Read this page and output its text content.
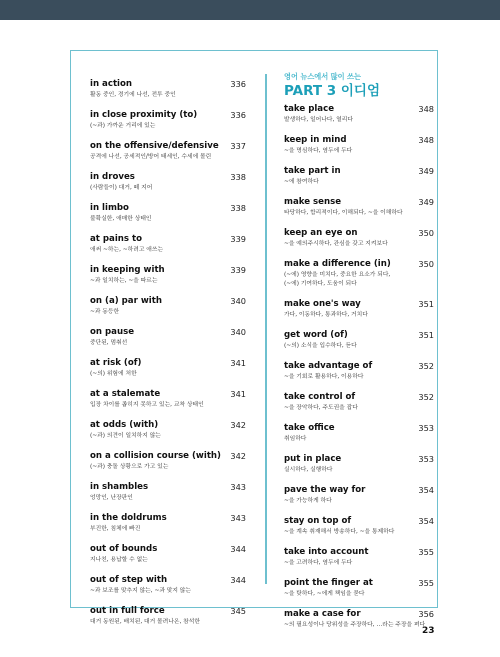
in action	336
활동 중인, 경기에 나선, 전투 중인
in close proximity (to)	336
(~과) 가까운 거리에 있는
on the offensive/defensive	337
공격에 나선, 공세적인/방어 태세인, 수세에 몰린
in droves	338
(사람들이) 대거, 떼 지어
in limbo	338
불확실한, 애매한 상태인
at pains to	339
애써 ~하는, ~하려고 애쓰는
in keeping with	339
~과 일치하는, ~을 따르는
on (a) par with	340
~과 동등한
on pause	340
중단된, 멈춰선
at risk (of)	341
(~의) 위험에 처한
at a stalemate	341
입장 차이를 좁히지 못하고 있는, 교착 상태인
at odds (with)	342
(~과) 의견이 일치하지 않는
on a collision course (with)	342
(~과) 충돌 상황으로 가고 있는
in shambles	343
엉망인, 난장판인
in the doldrums	343
부진한, 침체에 빠진
out of bounds	344
지나친, 용납할 수 없는
out of step with	344
~과 보조를 맞추지 않는, ~과 맞지 않는
out in full force	345
대거 동원된, 배치된, 대거 몰려나온, 참석한
영어 뉴스에서 많이 쓰는
PART 3 이디엄
take place	348
발생하다, 일어나다, 열리다
keep in mind	348
~을 명심하다, 염두에 두다
take part in	349
~에 참여하다
make sense	349
타당하다, 합리적이다, 이해되다, ~을 이해하다
keep an eye on	350
~을 예의주시하다, 관심을 갖고 지켜보다
make a difference (in)	350
(~에) 영향을 미치다, 중요한 요소가 되다,
(~에) 기여하다, 도움이 되다
make one's way	351
가다, 이동하다, 통과하다, 거치다
get word (of)	351
(~의) 소식을 입수하다, 듣다
take advantage of	352
~을 기회로 활용하다, 이용하다
take control of	352
~을 장악하다, 주도권을 잡다
take office	353
취임하다
put in place	353
실시하다, 실행하다
pave the way for	354
~을 가능하게 하다
stay on top of	354
~을 계속 취재해서 방송하다, ~을 통제하다
take into account	355
~을 고려하다, 염두에 두다
point the finger at	355
~을 탓하다, ~에게 책임을 묻다
make a case for	356
~의 필요성이나 당위성을 주장하다, …라는 주장을 펴다
23
